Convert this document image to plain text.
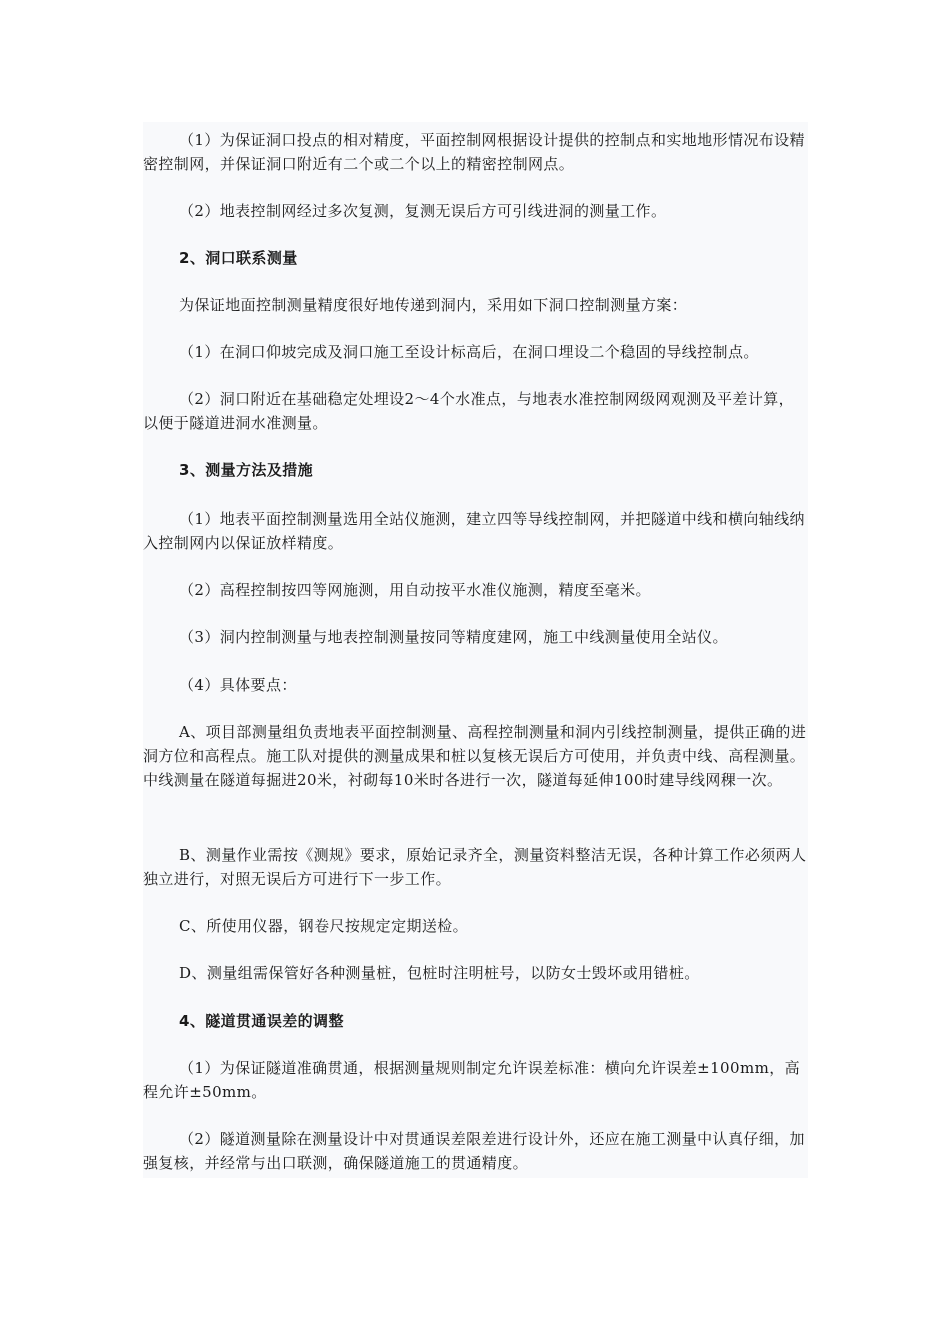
（1）为保证洞口投点的相对精度，平面控制网根据设计提供的控制点和实地地形情况布设精密控制网，并保证洞口附近有二个或二个以上的精密控制网点。

（2）地表控制网经过多次复测，复测无误后方可引线进洞的测量工作。

2、洞口联系测量

为保证地面控制测量精度很好地传递到洞内，采用如下洞口控制测量方案：

（1）在洞口仰坡完成及洞口施工至设计标高后，在洞口埋设二个稳固的导线控制点。

（2）洞口附近在基础稳定处埋设2～4个水准点，与地表水准控制网级网观测及平差计算，以便于隧道进洞水准测量。

3、测量方法及措施

（1）地表平面控制测量选用全站仪施测，建立四等导线控制网，并把隧道中线和横向轴线纳入控制网内以保证放样精度。

（2）高程控制按四等网施测，用自动按平水准仪施测，精度至毫米。

（3）洞内控制测量与地表控制测量按同等精度建网，施工中线测量使用全站仪。

（4）具体要点：

A、项目部测量组负责地表平面控制测量、高程控制测量和洞内引线控制测量，提供正确的进洞方位和高程点。施工队对提供的测量成果和桩以复核无误后方可使用，并负责中线、高程测量。中线测量在隧道每掘进20米，衬砌每10米时各进行一次，隧道每延伸100时建导线网稞一次。

B、测量作业需按《测规》要求，原始记录齐全，测量资料整洁无误，各种计算工作必须两人独立进行，对照无误后方可进行下一步工作。

C、所使用仪器，钢卷尺按规定定期送检。

D、测量组需保管好各种测量桩，包桩时注明桩号，以防女士毁坏或用错桩。

4、隧道贯通误差的调整

（1）为保证隧道准确贯通，根据测量规则制定允许误差标准：横向允许误差±100mm，高程允许±50mm。

（2）隧道测量除在测量设计中对贯通误差限差进行设计外，还应在施工测量中认真仔细，加强复核，并经常与出口联测，确保隧道施工的贯通精度。
